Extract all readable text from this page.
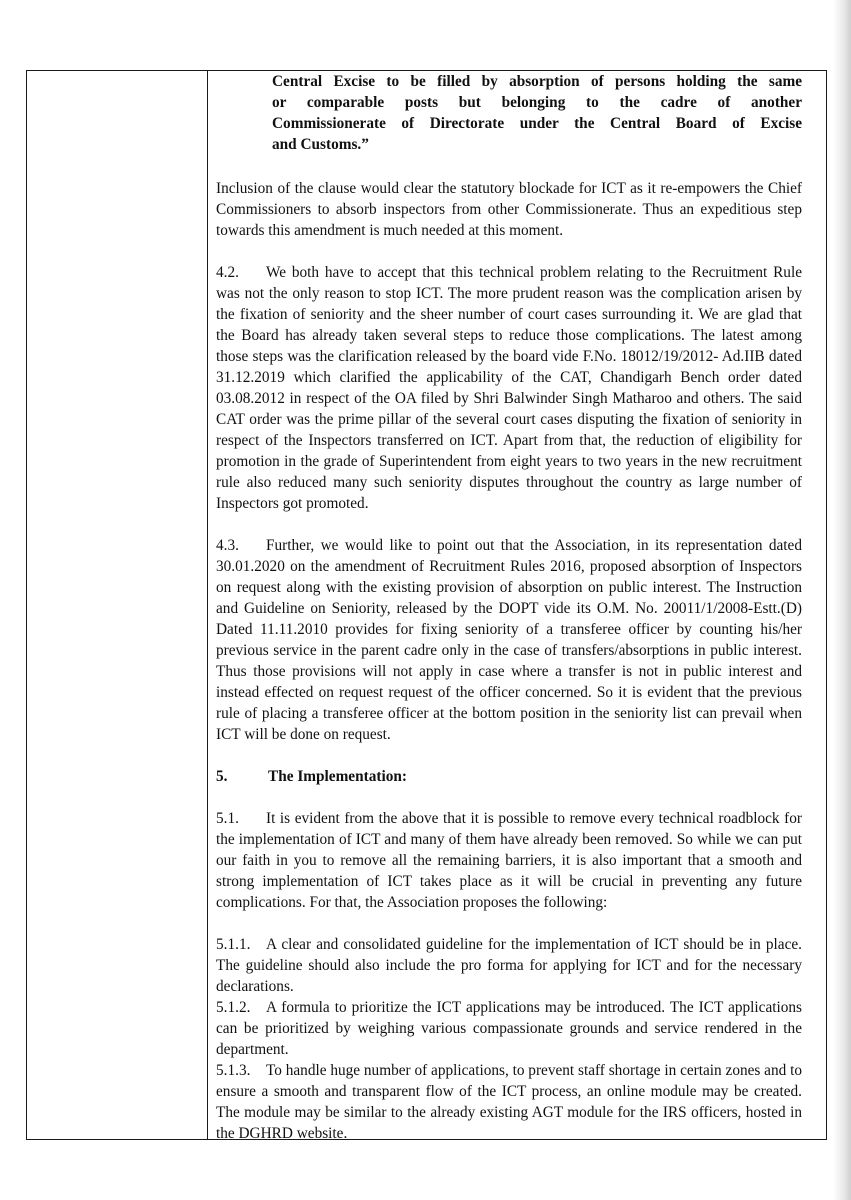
Central Excise to be filled by absorption of persons holding the same
or comparable posts but belonging to the cadre of another
Commissionerate of Directorate under the Central Board of Excise
and Customs.”

Inclusion of the clause would clear the statutory blockade for ICT as it re-empowers the Chief Commissioners to absorb inspectors from other Commissionerate. Thus an expeditious step towards this amendment is much needed at this moment.

4.2. We both have to accept that this technical problem relating to the Recruitment Rule was not the only reason to stop ICT. The more prudent reason was the complication arisen by the fixation of seniority and the sheer number of court cases surrounding it. We are glad that the Board has already taken several steps to reduce those complications. The latest among those steps was the clarification released by the board vide F.No. 18012/19/2012- Ad.IIB dated 31.12.2019 which clarified the applicability of the CAT, Chandigarh Bench order dated 03.08.2012 in respect of the OA filed by Shri Balwinder Singh Matharoo and others. The said CAT order was the prime pillar of the several court cases disputing the fixation of seniority in respect of the Inspectors transferred on ICT. Apart from that, the reduction of eligibility for promotion in the grade of Superintendent from eight years to two years in the new recruitment rule also reduced many such seniority disputes throughout the country as large number of Inspectors got promoted.

4.3. Further, we would like to point out that the Association, in its representation dated 30.01.2020 on the amendment of Recruitment Rules 2016, proposed absorption of Inspectors on request along with the existing provision of absorption on public interest. The Instruction and Guideline on Seniority, released by the DOPT vide its O.M. No. 20011/1/2008-Estt.(D) Dated 11.11.2010 provides for fixing seniority of a transferee officer by counting his/her previous service in the parent cadre only in the case of transfers/absorptions in public interest. Thus those provisions will not apply in case where a transfer is not in public interest and instead effected on request request of the officer concerned. So it is evident that the previous rule of placing a transferee officer at the bottom position in the seniority list can prevail when ICT will be done on request.

5.	The Implementation:

5.1. It is evident from the above that it is possible to remove every technical roadblock for the implementation of ICT and many of them have already been removed. So while we can put our faith in you to remove all the remaining barriers, it is also important that a smooth and strong implementation of ICT takes place as it will be crucial in preventing any future complications. For that, the Association proposes the following:

5.1.1. A clear and consolidated guideline for the implementation of ICT should be in place. The guideline should also include the pro forma for applying for ICT and for the necessary declarations.

5.1.2. A formula to prioritize the ICT applications may be introduced. The ICT applications can be prioritized by weighing various compassionate grounds and service rendered in the department.

5.1.3. To handle huge number of applications, to prevent staff shortage in certain zones and to ensure a smooth and transparent flow of the ICT process, an online module may be created. The module may be similar to the already existing AGT module for the IRS officers, hosted in the DGHRD website.
